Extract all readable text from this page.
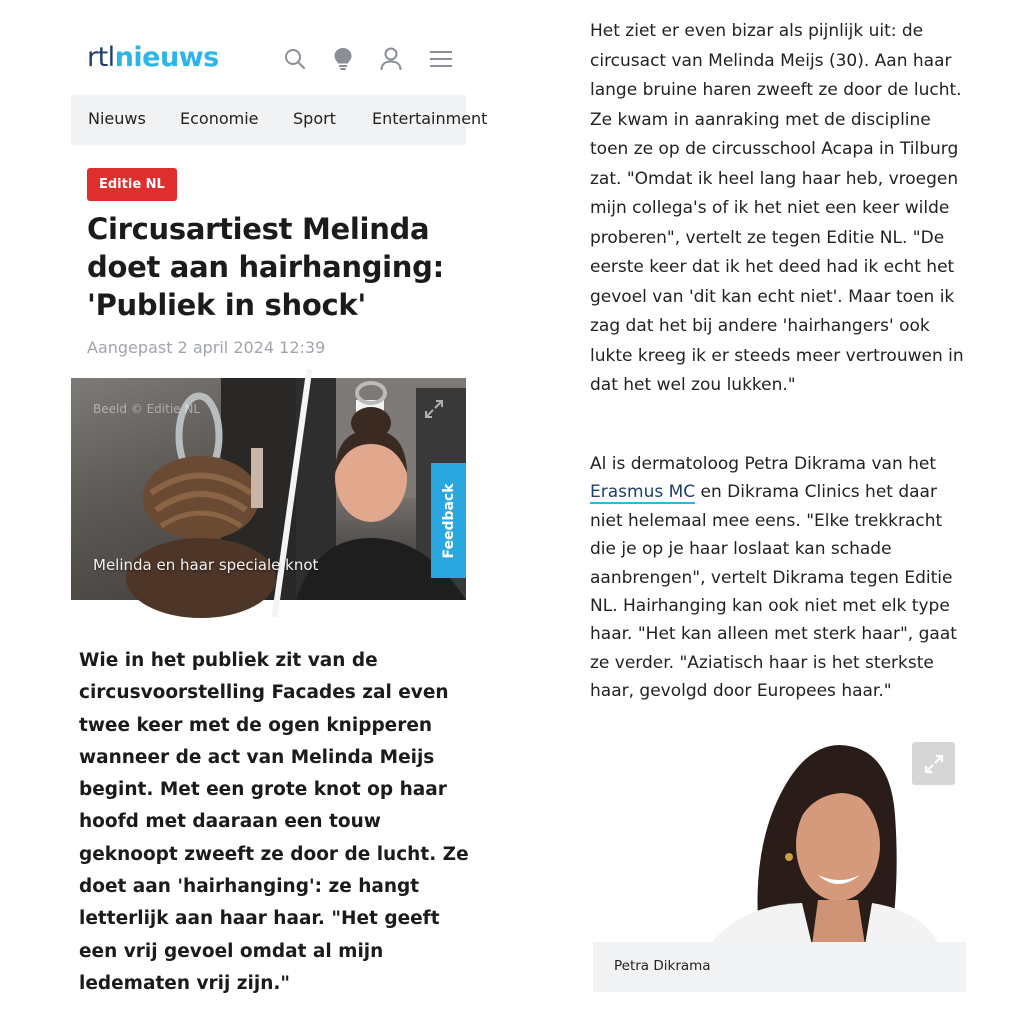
rtlnieuws
Nieuws Economie Sport Entertainment
Editie NL
Circusartiest Melinda doet aan hairhanging: 'Publiek in shock'
Aangepast 2 april 2024 12:39
Beeld © Editie NL
Melinda en haar speciale knot
Feedback

Wie in het publiek zit van de circusvoorstelling Facades zal even twee keer met de ogen knipperen wanneer de act van Melinda Meijs begint. Met een grote knot op haar hoofd met daaraan een touw geknoopt zweeft ze door de lucht. Ze doet aan 'hairhanging': ze hangt letterlijk aan haar haar. "Het geeft een vrij gevoel omdat al mijn ledematen vrij zijn."

Het ziet er even bizar als pijnlijk uit: de circusact van Melinda Meijs (30). Aan haar lange bruine haren zweeft ze door de lucht. Ze kwam in aanraking met de discipline toen ze op de circusschool Acapa in Tilburg zat. "Omdat ik heel lang haar heb, vroegen mijn collega's of ik het niet een keer wilde proberen", vertelt ze tegen Editie NL. "De eerste keer dat ik het deed had ik echt het gevoel van 'dit kan echt niet'. Maar toen ik zag dat het bij andere 'hairhangers' ook lukte kreeg ik er steeds meer vertrouwen in dat het wel zou lukken."

Al is dermatoloog Petra Dikrama van het Erasmus MC en Dikrama Clinics het daar niet helemaal mee eens. "Elke trekkracht die je op je haar loslaat kan schade aanbrengen", vertelt Dikrama tegen Editie NL. Hairhanging kan ook niet met elk type haar. "Het kan alleen met sterk haar", gaat ze verder. "Aziatisch haar is het sterkste haar, gevolgd door Europees haar."

Petra Dikrama
